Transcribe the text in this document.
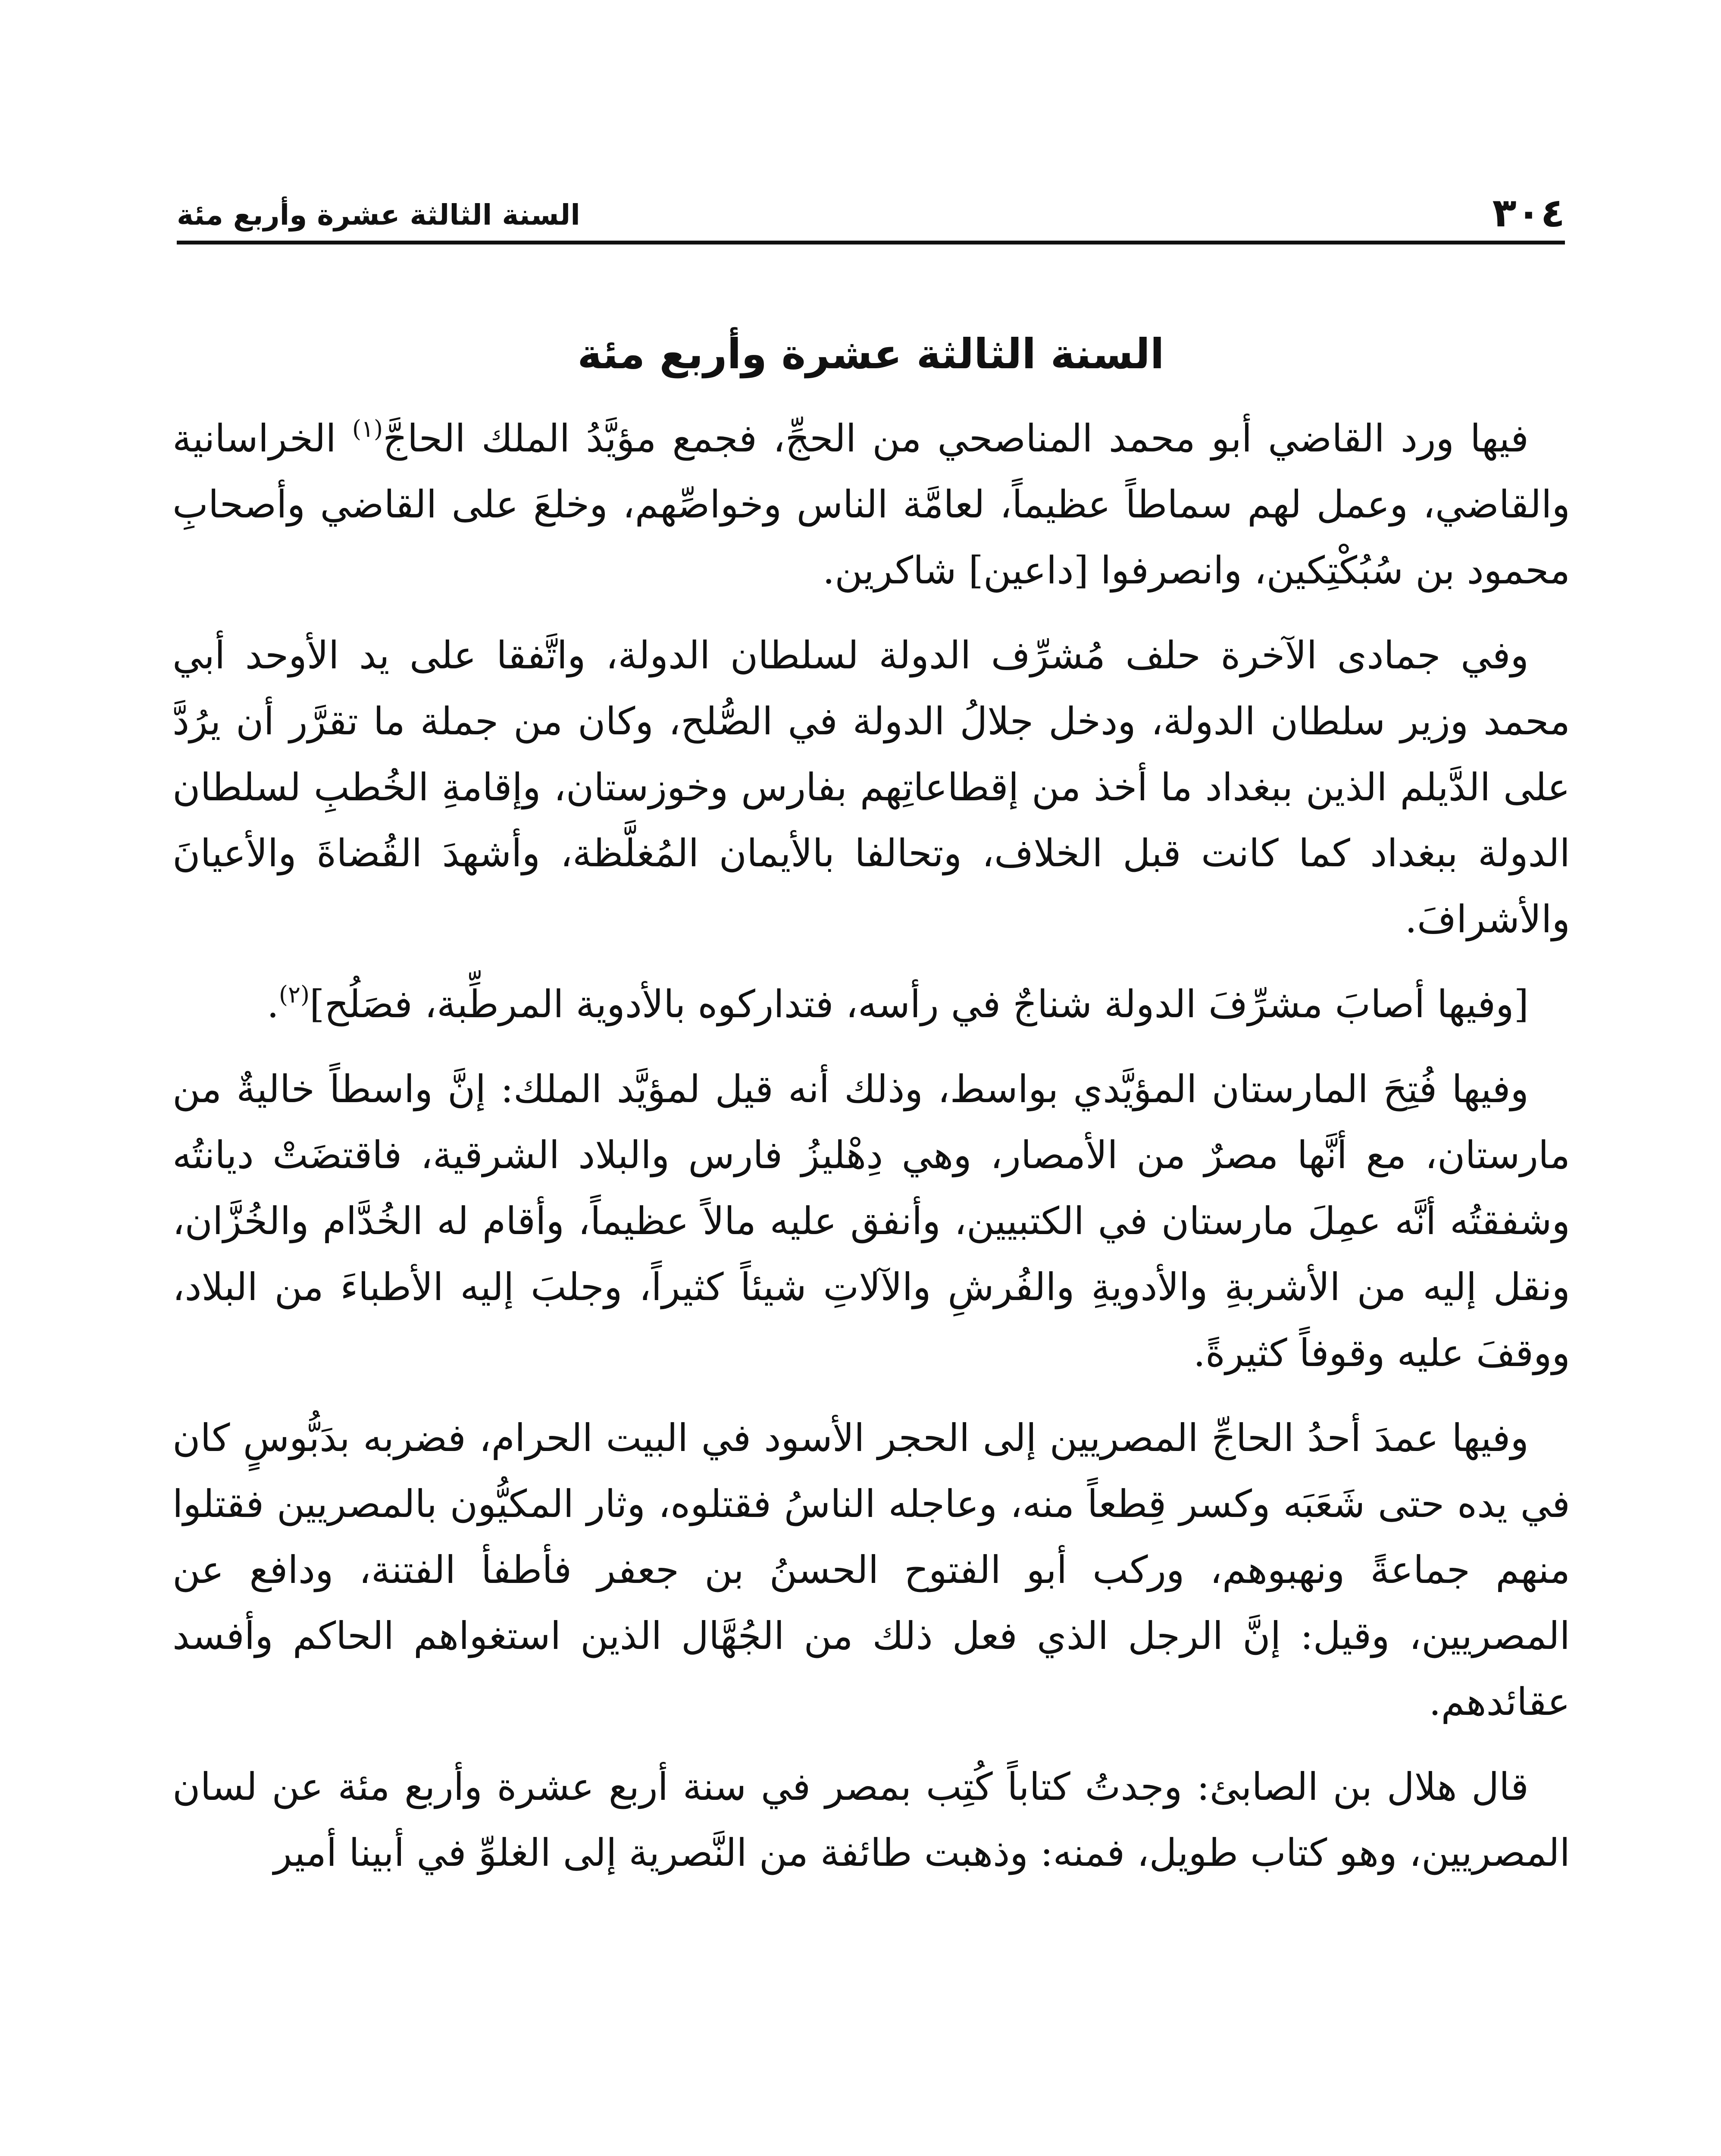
٣٠٤
السنة الثالثة عشرة وأربع مئة
السنة الثالثة عشرة وأربع مئة

فيها ورد القاضي أبو محمد المناصحي من الحجِّ، فجمع مؤيَّدُ الملك الحاجَّ$^{(١)}$ الخراسانية والقاضي، وعمل لهم سماطاً عظيماً، لعامَّة الناس وخواصِّهم، وخلعَ على القاضي وأصحابِ محمود بن سُبُكْتِكين، وانصرفوا [داعين] شاكرين.

وفي جمادى الآخرة حلف مُشرِّف الدولة لسلطان الدولة، واتَّفقا على يد الأوحد أبي محمد وزير سلطان الدولة، ودخل جلالُ الدولة في الصُّلح، وكان من جملة ما تقرَّر أن يرُدَّ على الدَّيلم الذين ببغداد ما أخذ من إقطاعاتِهم بفارس وخوزستان، وإقامةِ الخُطبِ لسلطان الدولة ببغداد كما كانت قبل الخلاف، وتحالفا بالأيمان المُغلَّظة، وأشهدَ القُضاةَ والأعيانَ والأشرافَ.

[وفيها أصابَ مشرِّفَ الدولة شناجٌ في رأسه، فتداركوه بالأدوية المرطِّبة، فصَلُح]$^{(٢)}$.

وفيها فُتِحَ المارستان المؤيَّدي بواسط، وذلك أنه قيل لمؤيَّد الملك: إنَّ واسطاً خاليةٌ من مارستان، مع أنَّها مصرٌ من الأمصار، وهي دِهْليزُ فارس والبلاد الشرقية، فاقتضَتْ ديانتُه وشفقتُه أنَّه عمِلَ مارستان في الكتبيين، وأنفق عليه مالاً عظيماً، وأقام له الخُدَّام والخُزَّان، ونقل إليه من الأشربةِ والأدويةِ والفُرشِ والآلاتِ شيئاً كثيراً، وجلبَ إليه الأطباءَ من البلاد، ووقفَ عليه وقوفاً كثيرةً.

وفيها عمدَ أحدُ الحاجِّ المصريين إلى الحجر الأسود في البيت الحرام، فضربه بدَبُّوسٍ كان في يده حتى شَعَبَه وكسر قِطعاً منه، وعاجله الناسُ فقتلوه، وثار المكيُّون بالمصريين فقتلوا منهم جماعةً ونهبوهم، وركب أبو الفتوح الحسنُ بن جعفر فأطفأ الفتنة، ودافع عن المصريين، وقيل: إنَّ الرجل الذي فعل ذلك من الجُهَّال الذين استغواهم الحاكم وأفسد عقائدهم.

قال هلال بن الصابئ: وجدتُ كتاباً كُتِب بمصر في سنة أربع عشرة وأربع مئة عن لسان المصريين، وهو كتاب طويل، فمنه: وذهبت طائفة من النَّصرية إلى الغلوِّ في أبينا أمير
